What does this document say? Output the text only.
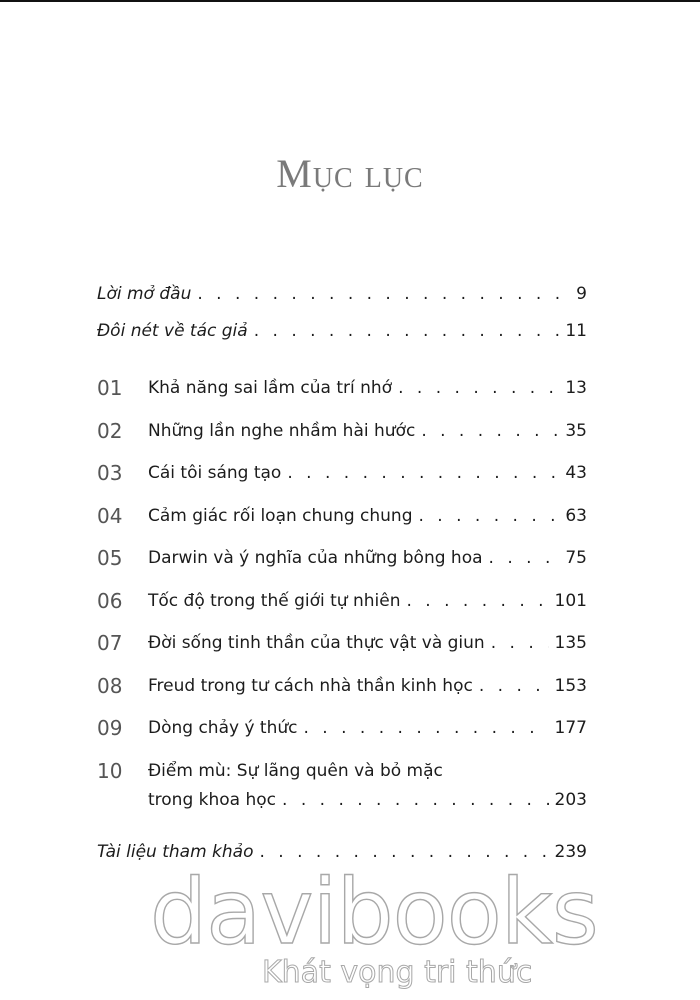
Mục lục
Lời mở đầu . . .	9
Đôi nét về tác giả . . .	11
01 Khả năng sai lầm của trí nhớ . . .	13
02 Những lần nghe nhầm hài hước . . .	35
03 Cái tôi sáng tạo . . .	43
04 Cảm giác rối loạn chung chung . . .	63
05 Darwin và ý nghĩa của những bông hoa . . .	75
06 Tốc độ trong thế giới tự nhiên . . .	101
07 Đời sống tinh thần của thực vật và giun . . .	135
08 Freud trong tư cách nhà thần kinh học . . .	153
09 Dòng chảy ý thức . . .	177
10 Điểm mù: Sự lãng quên và bỏ mặc
trong khoa học . . .	203
Tài liệu tham khảo . . .	239
davibooks
Khát vọng tri thức
